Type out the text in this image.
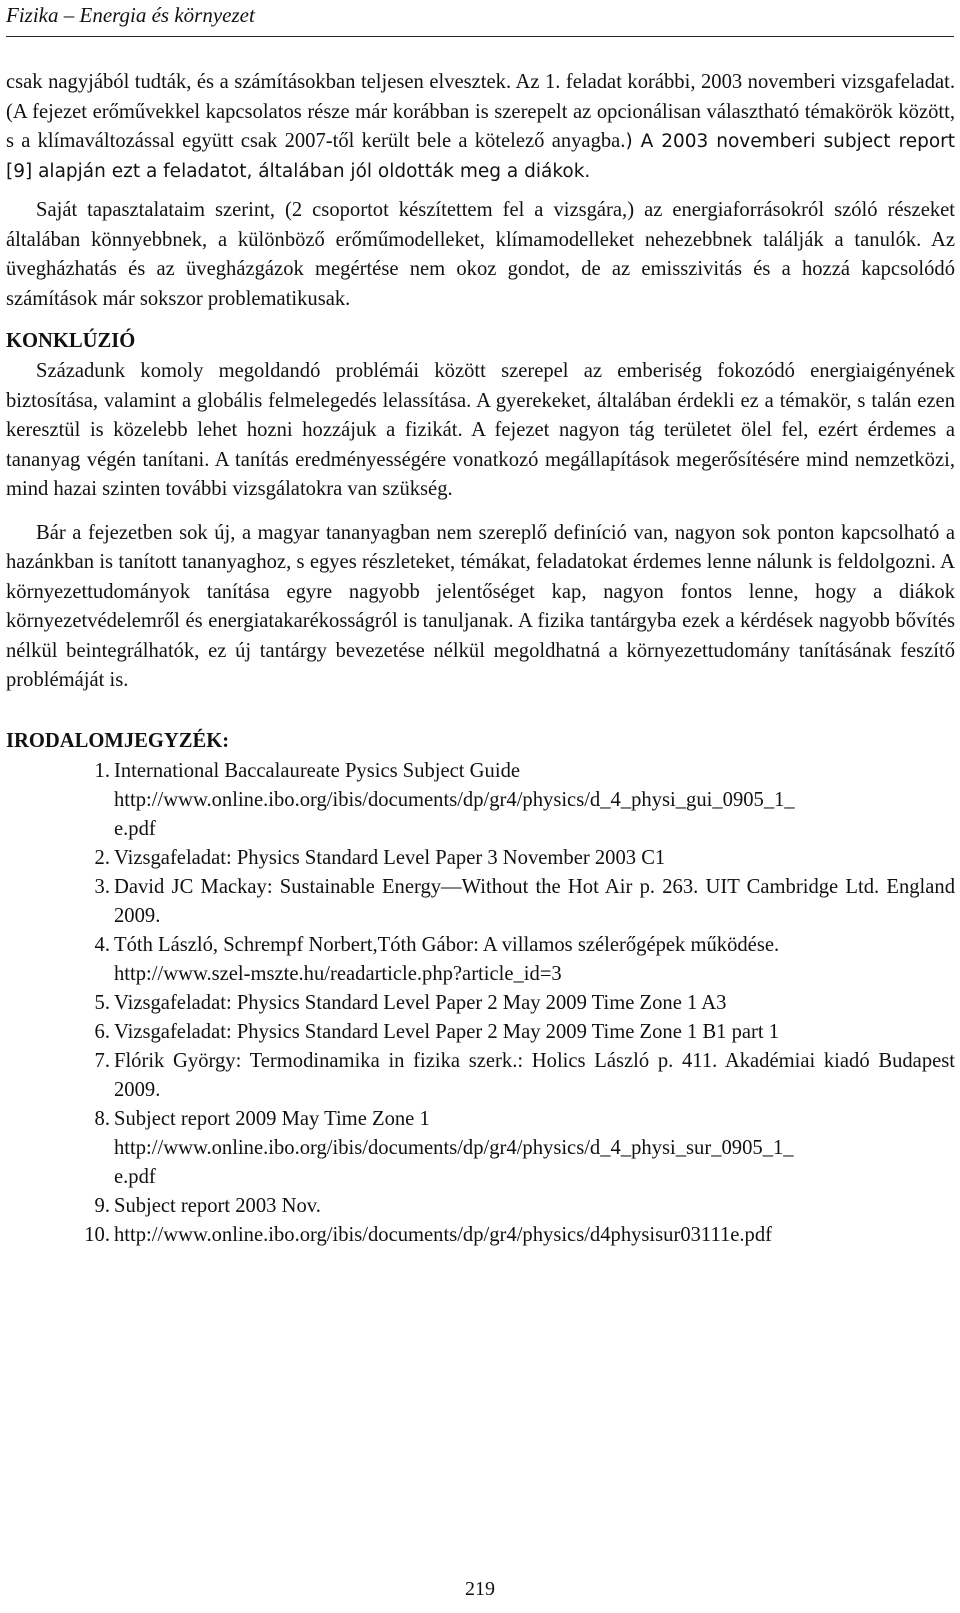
Fizika – Energia és környezet

csak nagyjából tudták, és a számításokban teljesen elvesztek. Az 1. feladat korábbi, 2003 novemberi vizsgafeladat. (A fejezet erőművekkel kapcsolatos része már korábban is szerepelt az opcionálisan választható témakörök között, s a klímaváltozással együtt csak 2007-től került bele a kötelező anyagba.) A 2003 novemberi subject report [9] alapján ezt a feladatot, általában jól oldották meg a diákok.

Saját tapasztalataim szerint, (2 csoportot készítettem fel a vizsgára,) az energiaforrásokról szóló részeket általában könnyebbnek, a különböző erőműmodelleket, klímamodelleket nehezebbnek találják a tanulók. Az üvegházhatás és az üvegházgázok megértése nem okoz gondot, de az emisszivitás és a hozzá kapcsolódó számítások már sokszor problematikusak.

KONKLÚZIÓ

Századunk komoly megoldandó problémái között szerepel az emberiség fokozódó energiaigényének biztosítása, valamint a globális felmelegedés lelassítása. A gyerekeket, általában érdekli ez a témakör, s talán ezen keresztül is közelebb lehet hozni hozzájuk a fizikát. A fejezet nagyon tág területet ölel fel, ezért érdemes a tananyag végén tanítani. A tanítás eredményességére vonatkozó megállapítások megerősítésére mind nemzetközi, mind hazai szinten további vizsgálatokra van szükség.

Bár a fejezetben sok új, a magyar tananyagban nem szereplő definíció van, nagyon sok ponton kapcsolható a hazánkban is tanított tananyaghoz, s egyes részleteket, témákat, feladatokat érdemes lenne nálunk is feldolgozni. A környezettudományok tanítása egyre nagyobb jelentőséget kap, nagyon fontos lenne, hogy a diákok környezetvédelemről és energiatakarékosságról is tanuljanak. A fizika tantárgyba ezek a kérdések nagyobb bővítés nélkül beintegrálhatók, ez új tantárgy bevezetése nélkül megoldhatná a környezettudomány tanításának feszítő problémáját is.

IRODALOMJEGYZÉK:
1. International Baccalaureate Pysics Subject Guide
http://www.online.ibo.org/ibis/documents/dp/gr4/physics/d_4_physi_gui_0905_1_
e.pdf
2. Vizsgafeladat: Physics Standard Level Paper 3 November 2003 C1
3. David JC Mackay: Sustainable Energy—Without the Hot Air p. 263. UIT Cambridge Ltd. England 2009.
4. Tóth László, Schrempf Norbert,Tóth Gábor: A villamos szélerőgépek működése.
http://www.szel-mszte.hu/readarticle.php?article_id=3
5. Vizsgafeladat: Physics Standard Level Paper 2 May 2009 Time Zone 1 A3
6. Vizsgafeladat: Physics Standard Level Paper 2 May 2009 Time Zone 1 B1 part 1
7. Flórik György: Termodinamika in fizika szerk.: Holics László p. 411. Akadémiai kiadó Budapest 2009.
8. Subject report 2009 May Time Zone 1
http://www.online.ibo.org/ibis/documents/dp/gr4/physics/d_4_physi_sur_0905_1_
e.pdf
9. Subject report 2003 Nov.
10. http://www.online.ibo.org/ibis/documents/dp/gr4/physics/d4physisur03111e.pdf
219
